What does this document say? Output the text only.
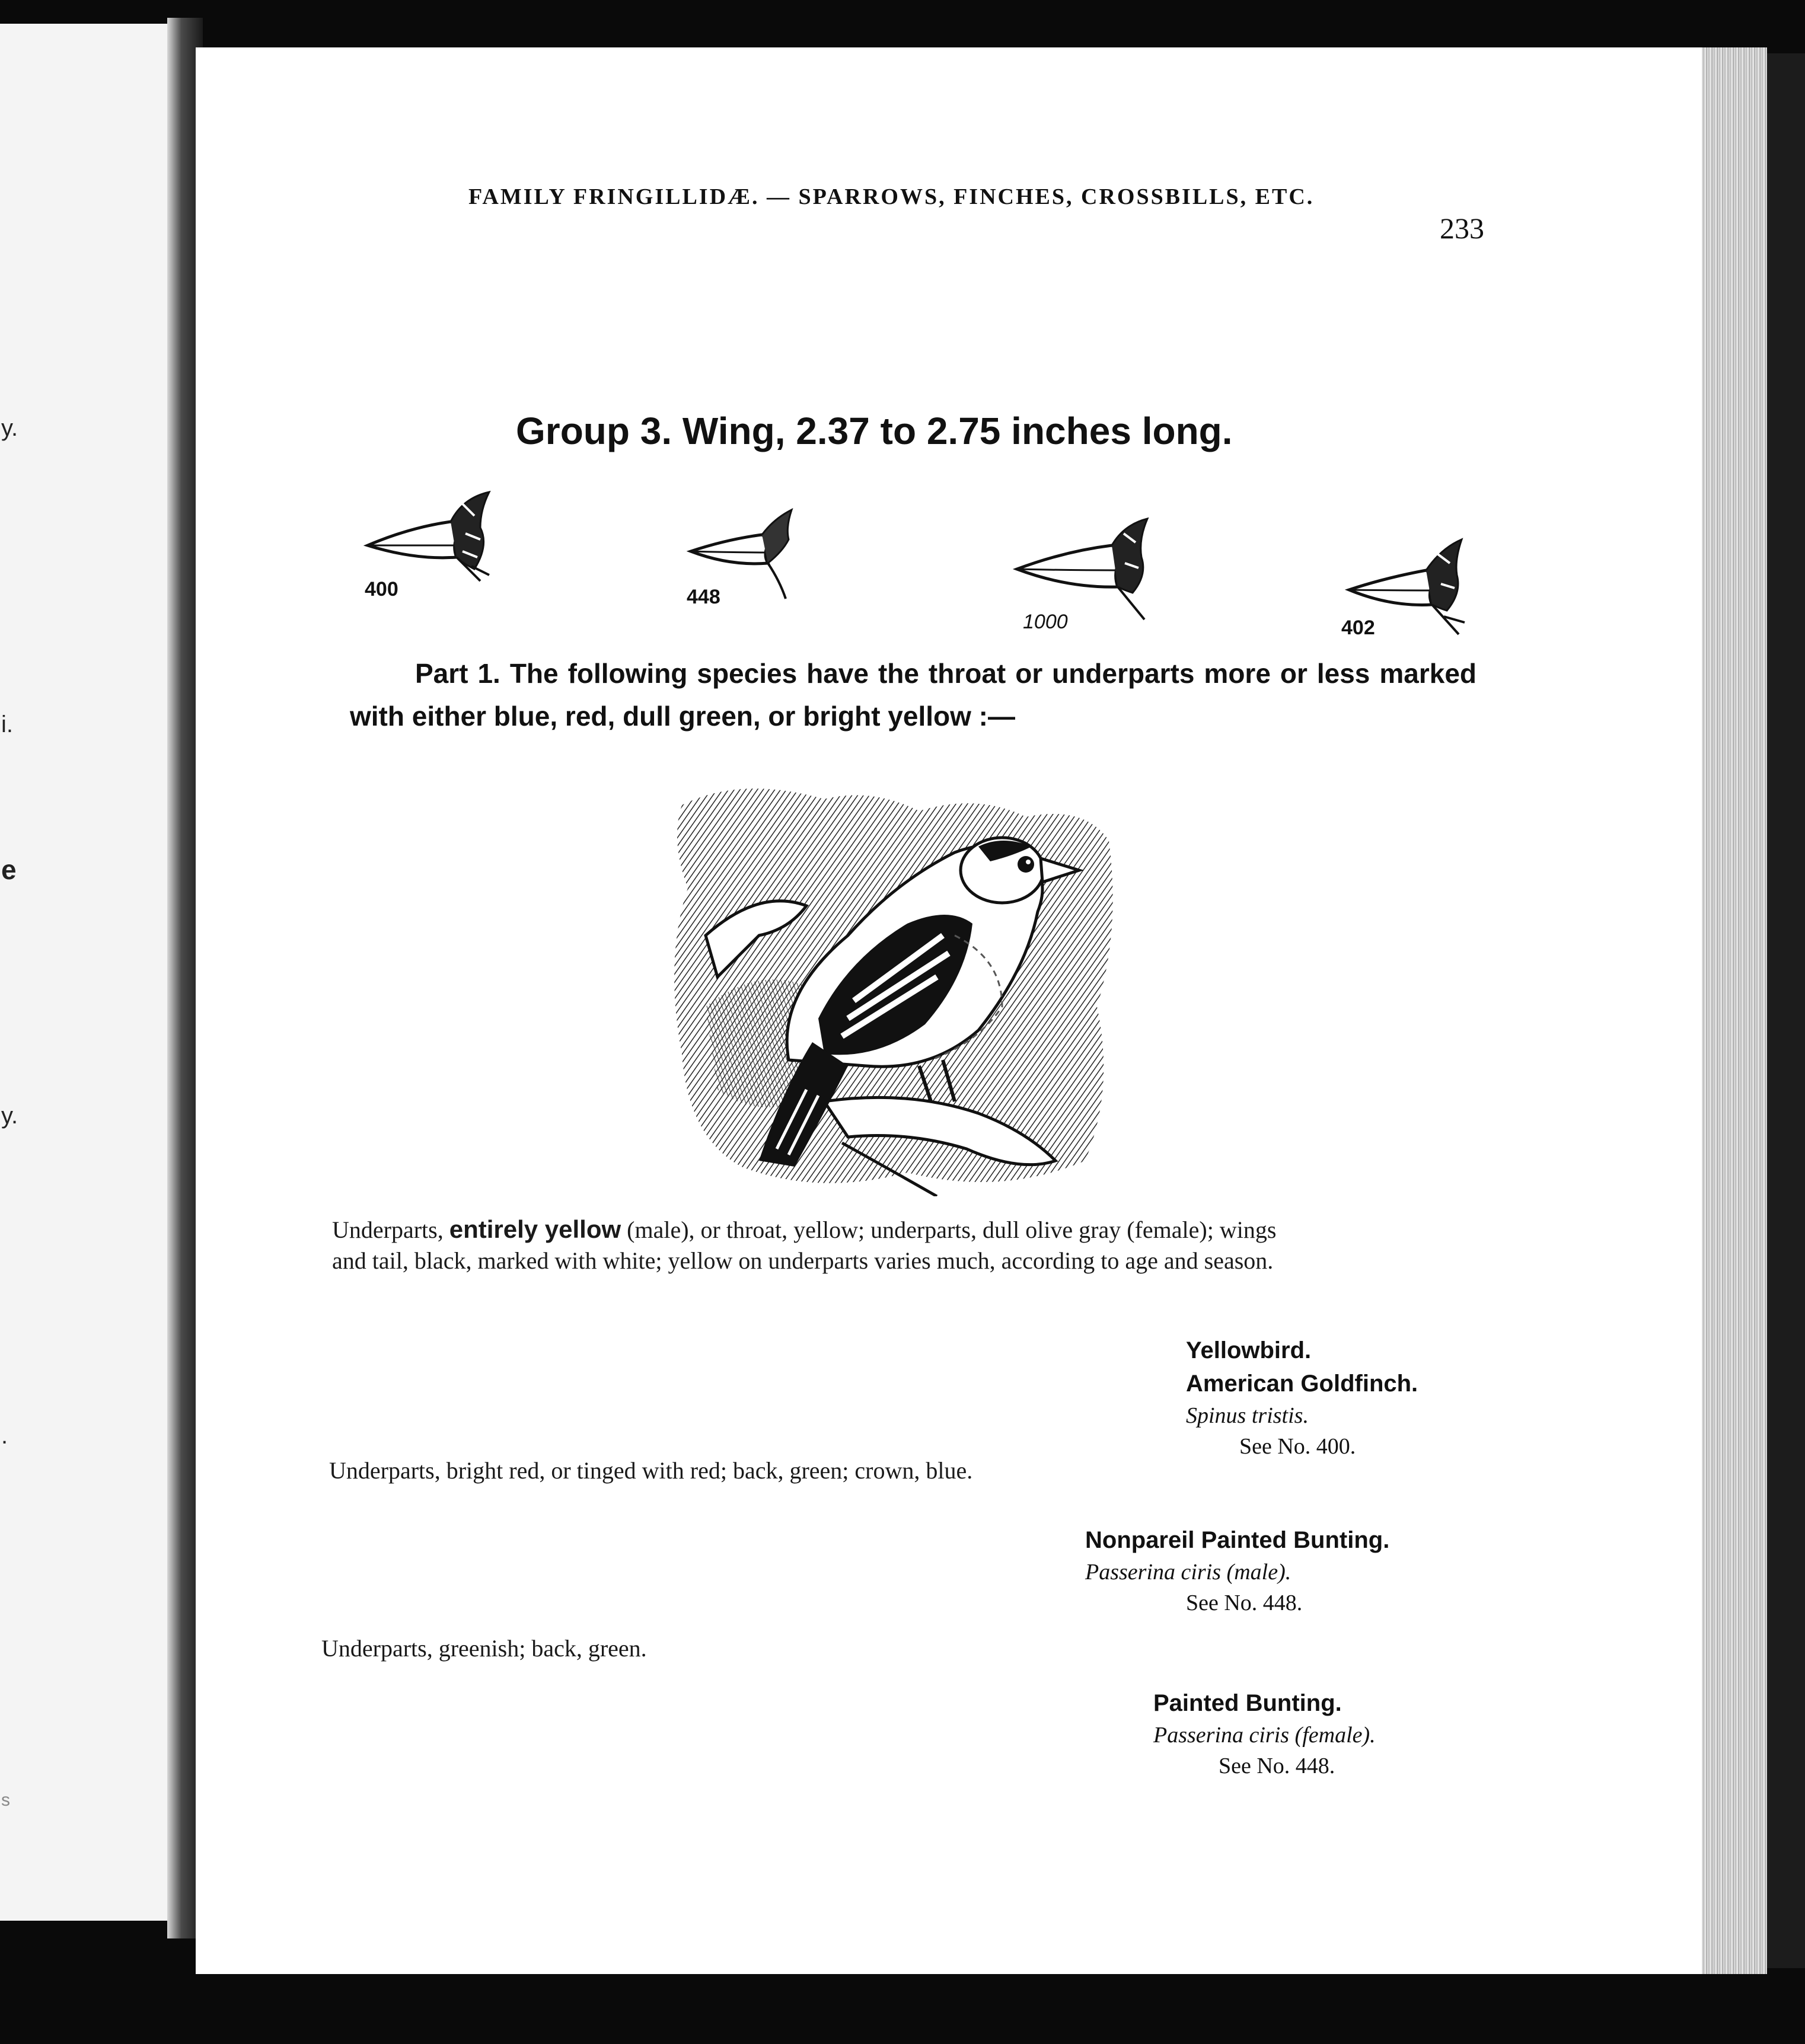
y.
i.
e
y.
.
s
FAMILY FRINGILLIDÆ. — SPARROWS, FINCHES, CROSSBILLS, ETC.
233
Group 3. Wing, 2.37 to 2.75 inches long.
400	448
1000	402
Part 1. The following species have the throat or underparts more or less marked with either blue, red, dull green, or bright yellow :—
Underparts, entirely yellow (male), or throat, yellow; underparts, dull olive gray (female); wings and tail, black, marked with white; yellow on underparts varies much, according to age and season.
Yellowbird.
American Goldfinch.
Spinus tristis.
See No. 400.
Underparts, bright red, or tinged with red; back, green; crown, blue.
Nonpareil Painted Bunting.
Passerina ciris (male).
See No. 448.
Underparts, greenish; back, green.
Painted Bunting.
Passerina ciris (female).
See No. 448.
